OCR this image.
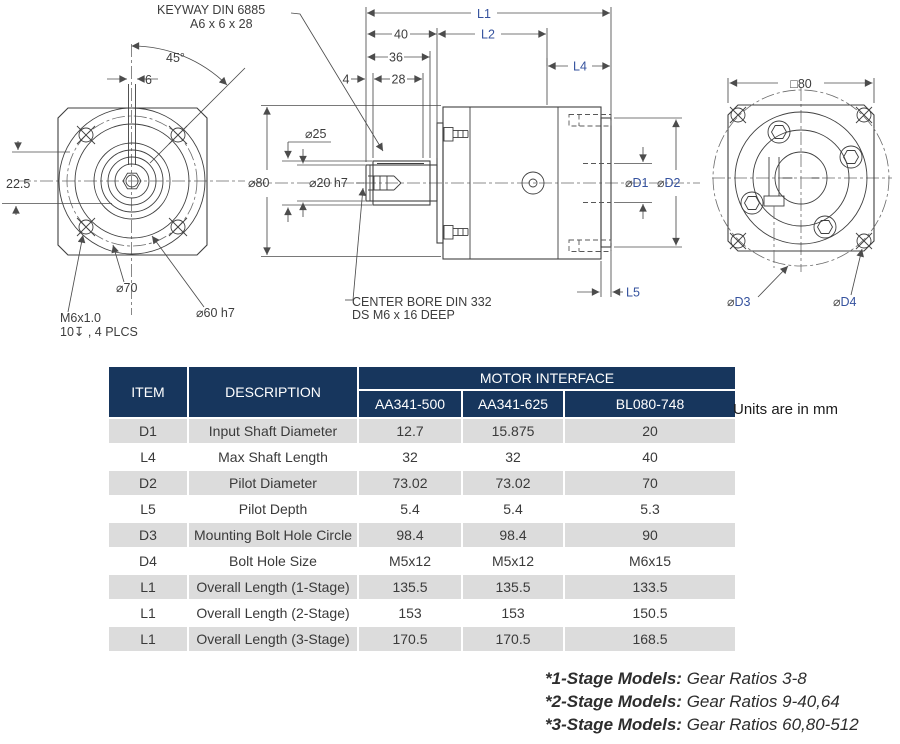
45°
6
22.5
KEYWAY DIN 6885
A6 x 6 x 28
⌀70
⌀60 h7
M6x1.0
10↧ , 4 PLCS
L1
40	L2
36
4	28
L4
⌀80
⌀25
⌀20 h7	⌀D1 ⌀D2
L5
CENTER BORE DIN 332
DS M6 x 16 DEEP
□80
⌀D3	⌀D4
ITEM	DESCRIPTION	MOTOR INTERFACE		
		AA341-500	AA341-625	BL080-748
D1	Input Shaft Diameter	12.7	15.875	20
L4	Max Shaft Length	32	32	40
D2	Pilot Diameter	73.02	73.02	70
L5	Pilot Depth	5.4	5.4	5.3
D3	Mounting Bolt Hole Circle	98.4	98.4	90
D4	Bolt Hole Size	M5x12	M5x12	M6x15
L1	Overall Length (1-Stage)	135.5	135.5	133.5
L1	Overall Length (2-Stage)	153	153	150.5
L1	Overall Length (3-Stage)	170.5	170.5	168.5
Units are in mm
*1-Stage Models: Gear Ratios 3-8
*2-Stage Models: Gear Ratios 9-40,64
*3-Stage Models: Gear Ratios 60,80-512
